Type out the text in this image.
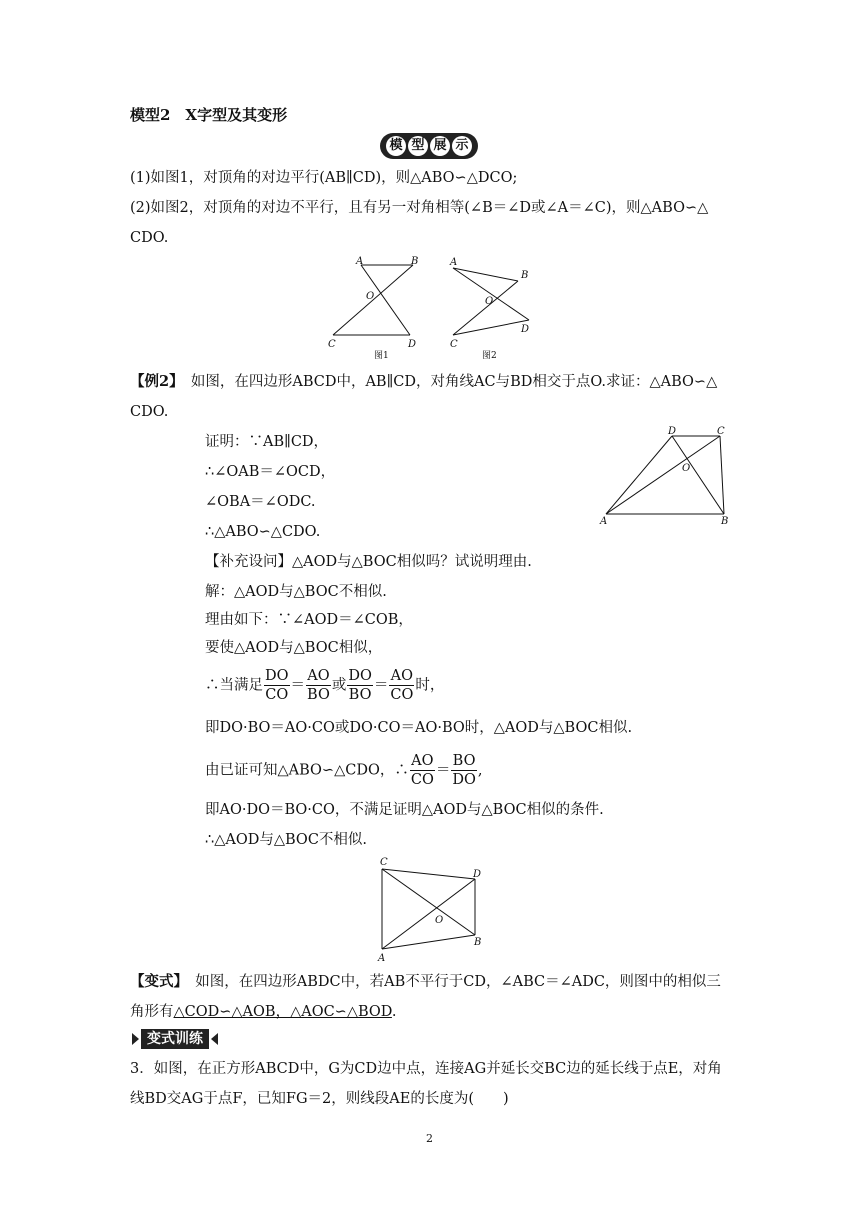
模型2　X字型及其变形
模 型 展 示
(1)如图1，对顶角的对边平行(AB∥CD)，则△ABO∽△DCO;
(2)如图2，对顶角的对边不平行，且有另一对角相等(∠B＝∠D或∠A＝∠C)，则△ABO∽△
CDO.
A	B
O
C	D
图1
A
B
O
C
D
图2
【例2】　如图，在四边形ABCD中，AB∥CD，对角线AC与BD相交于点O.求证：△ABO∽△
CDO.
证明：∵AB∥CD，
∴∠OAB＝∠OCD，
∠OBA＝∠ODC.
∴△ABO∽△CDO.
【补充设问】△AOD与△BOC相似吗？试说明理由.
解：△AOD与△BOC不相似.
理由如下：∵∠AOD＝∠COB，
要使△AOD与△BOC相似，
∴当满足 $\frac{DO}{CO} = \frac{AO}{BO}$ 或 $\frac{DO}{BO} = \frac{AO}{CO}$ 时，
即DO·BO＝AO·CO或DO·CO＝AO·BO时，△AOD与△BOC相似.
由已证可知△ABO∽△CDO，∴ $\frac{AO}{CO} = \frac{BO}{DO}$ ,
即AO·DO＝BO·CO，不满足证明△AOD与△BOC相似的条件.
∴△AOD与△BOC不相似.
D	C
O
A	B
C
D
O
A
B
【变式】　如图，在四边形ABDC中，若AB不平行于CD，∠ABC＝∠ADC，则图中的相似三
角形有△COD∽△AOB，△AOC∽△BOD.
变式训练
3．如图，在正方形ABCD中，G为CD边中点，连接AG并延长交BC边的延长线于点E，对角
线BD交AG于点F，已知FG＝2，则线段AE的长度为(　　)
2
